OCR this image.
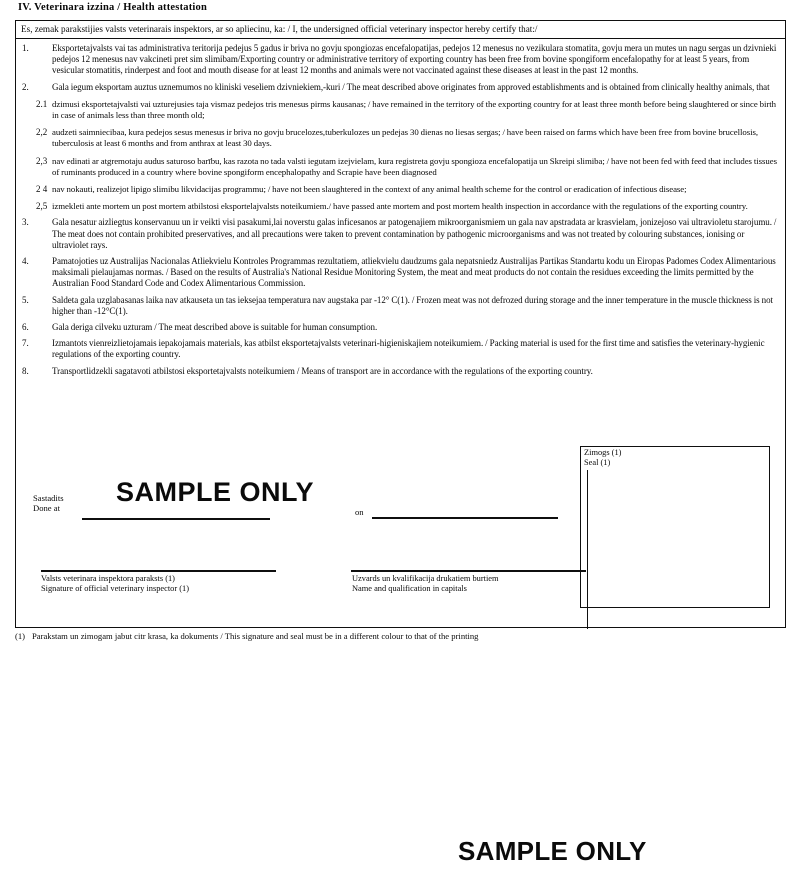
IV. Veterinara izzina / Health attestation
Es, zemak parakstijies valsts veterinarais inspektors, ar so apliecinu, ka: / I, the undersigned official veterinary inspector hereby certify that:/
1.	Eksportetajvalsts vai tas administrativa teritorija pedejus 5 gadus ir briva no govju spongiozas encefalopatijas, pedejos 12 menesus no vezikulara stomatita, govju mera un mutes un nagu sergas un dzivnieki pedejos 12 menesus nav vakcineti pret sim slimibam/Exporting country or administrative territory of exporting country has been free from bovine spongiform encefalopathy for at least 5 years, from vesicular stomatitis, rinderpest and foot and mouth disease for at least 12 months and animals were not vaccinated against these diseases at least in the past 12 months.
2.	Gala iegum eksportam auztus uznemumos no kliniski veseliem dzivniekiem,-kuri / The meat described above originates from approved establishments and is obtained from clinically healthy animals, that
2.1 dzimusi eksportetajvalsti vai uzturejusies taja vismaz pedejos tris menesus pirms kausanas; / have remained in the territory of the exporting country for at least three month before being slaughtered or since birth in case of animals less than three month old;
2,2 audzeti saimniecibaa, kura pedejos sesus menesus ir briva no govju brucelozes,tuberkulozes un pedejas 30 dienas no liesas sergas; / have been raised on farms which have been free from bovine brucellosis, tuberculosis at least 6 months and from anthrax at least 30 days.
2,3 nav edinati ar atgremotaju audus saturoso barību, kas razota no tada valsti iegutam izejvielam, kura registreta govju spongioza encefalopatija un Skreipi slimiba; / have not been fed with feed that includes tissues of ruminants produced in a country where bovine spongiform encephalopathy and Scrapie have been diagnosed
2 4 nav nokauti, realizejot lipigo slimibu likvidacijas programmu; / have not been slaughtered in the context of any animal health scheme for the control or eradication of infectious disease;
2,5 izmekleti ante mortem un post mortem atbilstosi eksportelajvalsts noteikumiem./ have passed ante mortem and post mortem health inspection in accordance with the regulations of the exporting country.
3.	Gala nesatur aizliegtus konservanuu un ir veikti visi pasakumi,lai noverstu galas inficesanos ar patogenajiem mikroorganismiem un gala nav apstradata ar krasvielam, jonizejoso vai ultravioletu starojumu. / The meat does not contain prohibited preservatives, and all precautions were taken to prevent contamination by pathogenic microorganisms and was not treated by colouring substances, ionising or ultraviolet rays.
4.	Pamatojoties uz Australijas Nacionalas Atliekvielu Kontroles Programmas rezultatiem, atliekvielu daudzums gala nepatsniedz Australijas Partikas Standartu kodu un Eiropas Padomes Codex Alimentarious maksimali pielaujamas normas. / Based on the results of Australia's National Residue Monitoring System, the meat and meat products do not contain the residues exceeding the limits permitted by the Australian Food Standard Code and Codex Alimentarious Commission.
5.	Saldeta gala uzglabasanas laika nav atkauseta un tas ieksejaa temperatura nav augstaka par -12° C(1). / Frozen meat was not defrozed during storage and the inner temperature in the muscle thickness is not higher than -12°C(1).
6.	Gala deriga cilveku uzturam / The meat described above is suitable for human consumption.
7.	Izmantots vienreizlietojamais iepakojamais materials, kas atbilst eksportetajvalsts veterinari-higieniskajiem noteikumiem. / Packing material is used for the first time and satisfies the veterinary-hygienic regulations of the exporting country.
8.	Transportlidzekli sagatavoti atbilstosi eksportetajvalsts noteikumiem / Means of transport are in accordance with the regulations of the exporting country.
SAMPLE ONLY
Sastadits
Done at	on
Valsts veterinara inspektora paraksts (1)
Signature of official veterinary inspector (1)
Uzvards un kvalifikacija drukatiem burtiem
Name and qualification in capitals
Zimogs (1)
Seal (1)
(1) Parakstam un zimogam jabut citr krasa, ka dokuments / This signature and seal must be in a different colour to that of the printing
SAMPLE ONLY
